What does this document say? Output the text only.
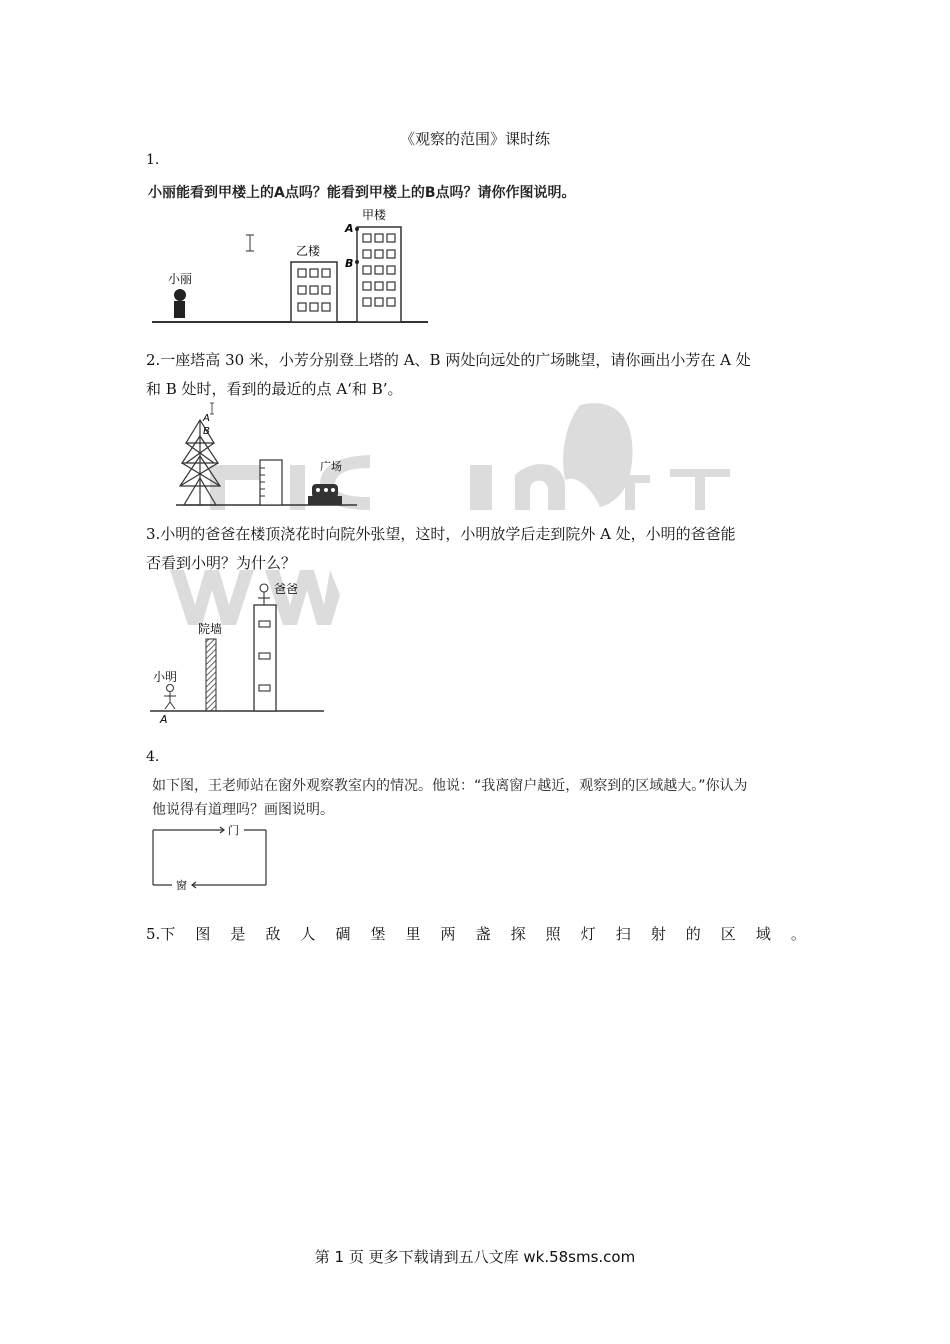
《观察的范围》课时练
1.
小丽能看到甲楼上的A点吗？能看到甲楼上的B点吗？请你作图说明。
甲楼
乙楼
小丽
A
B
2.一座塔高 30 米，小芳分别登上塔的 A、B 两处向远处的广场眺望，请你画出小芳在 A 处
和 B 处时，看到的最近的点 A‘和 B’。
A
B
广场
3.小明的爸爸在楼顶浇花时向院外张望，这时，小明放学后走到院外 A 处，小明的爸爸能
否看到小明？为什么？
爸爸
院墙
小明
A
4.
如下图，王老师站在窗外观察教室内的情况。他说：“我离窗户越近，观察到的区域越大。”你认为
他说得有道理吗？画图说明。
门
窗
5.下 图 是 敌 人 碉 堡 里 两 盏 探 照 灯 扫 射 的 区 域 。
第 1 页 更多下载请到五八文库 wk.58sms.com
